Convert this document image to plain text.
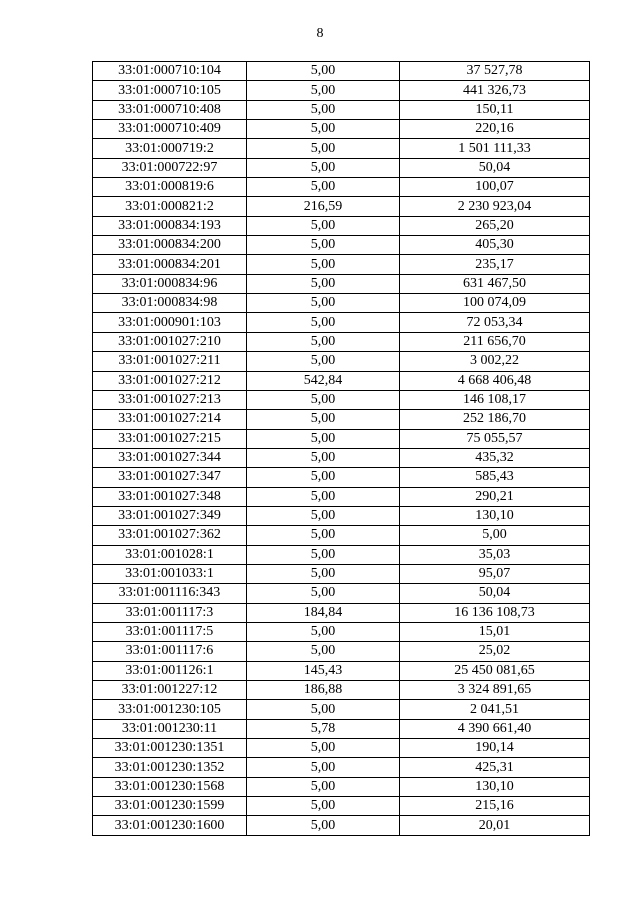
8
33:01:000710:104	5,00	37 527,78
33:01:000710:105	5,00	441 326,73
33:01:000710:408	5,00	150,11
33:01:000710:409	5,00	220,16
33:01:000719:2	5,00	1 501 111,33
33:01:000722:97	5,00	50,04
33:01:000819:6	5,00	100,07
33:01:000821:2	216,59	2 230 923,04
33:01:000834:193	5,00	265,20
33:01:000834:200	5,00	405,30
33:01:000834:201	5,00	235,17
33:01:000834:96	5,00	631 467,50
33:01:000834:98	5,00	100 074,09
33:01:000901:103	5,00	72 053,34
33:01:001027:210	5,00	211 656,70
33:01:001027:211	5,00	3 002,22
33:01:001027:212	542,84	4 668 406,48
33:01:001027:213	5,00	146 108,17
33:01:001027:214	5,00	252 186,70
33:01:001027:215	5,00	75 055,57
33:01:001027:344	5,00	435,32
33:01:001027:347	5,00	585,43
33:01:001027:348	5,00	290,21
33:01:001027:349	5,00	130,10
33:01:001027:362	5,00	5,00
33:01:001028:1	5,00	35,03
33:01:001033:1	5,00	95,07
33:01:001116:343	5,00	50,04
33:01:001117:3	184,84	16 136 108,73
33:01:001117:5	5,00	15,01
33:01:001117:6	5,00	25,02
33:01:001126:1	145,43	25 450 081,65
33:01:001227:12	186,88	3 324 891,65
33:01:001230:105	5,00	2 041,51
33:01:001230:11	5,78	4 390 661,40
33:01:001230:1351	5,00	190,14
33:01:001230:1352	5,00	425,31
33:01:001230:1568	5,00	130,10
33:01:001230:1599	5,00	215,16
33:01:001230:1600	5,00	20,01
